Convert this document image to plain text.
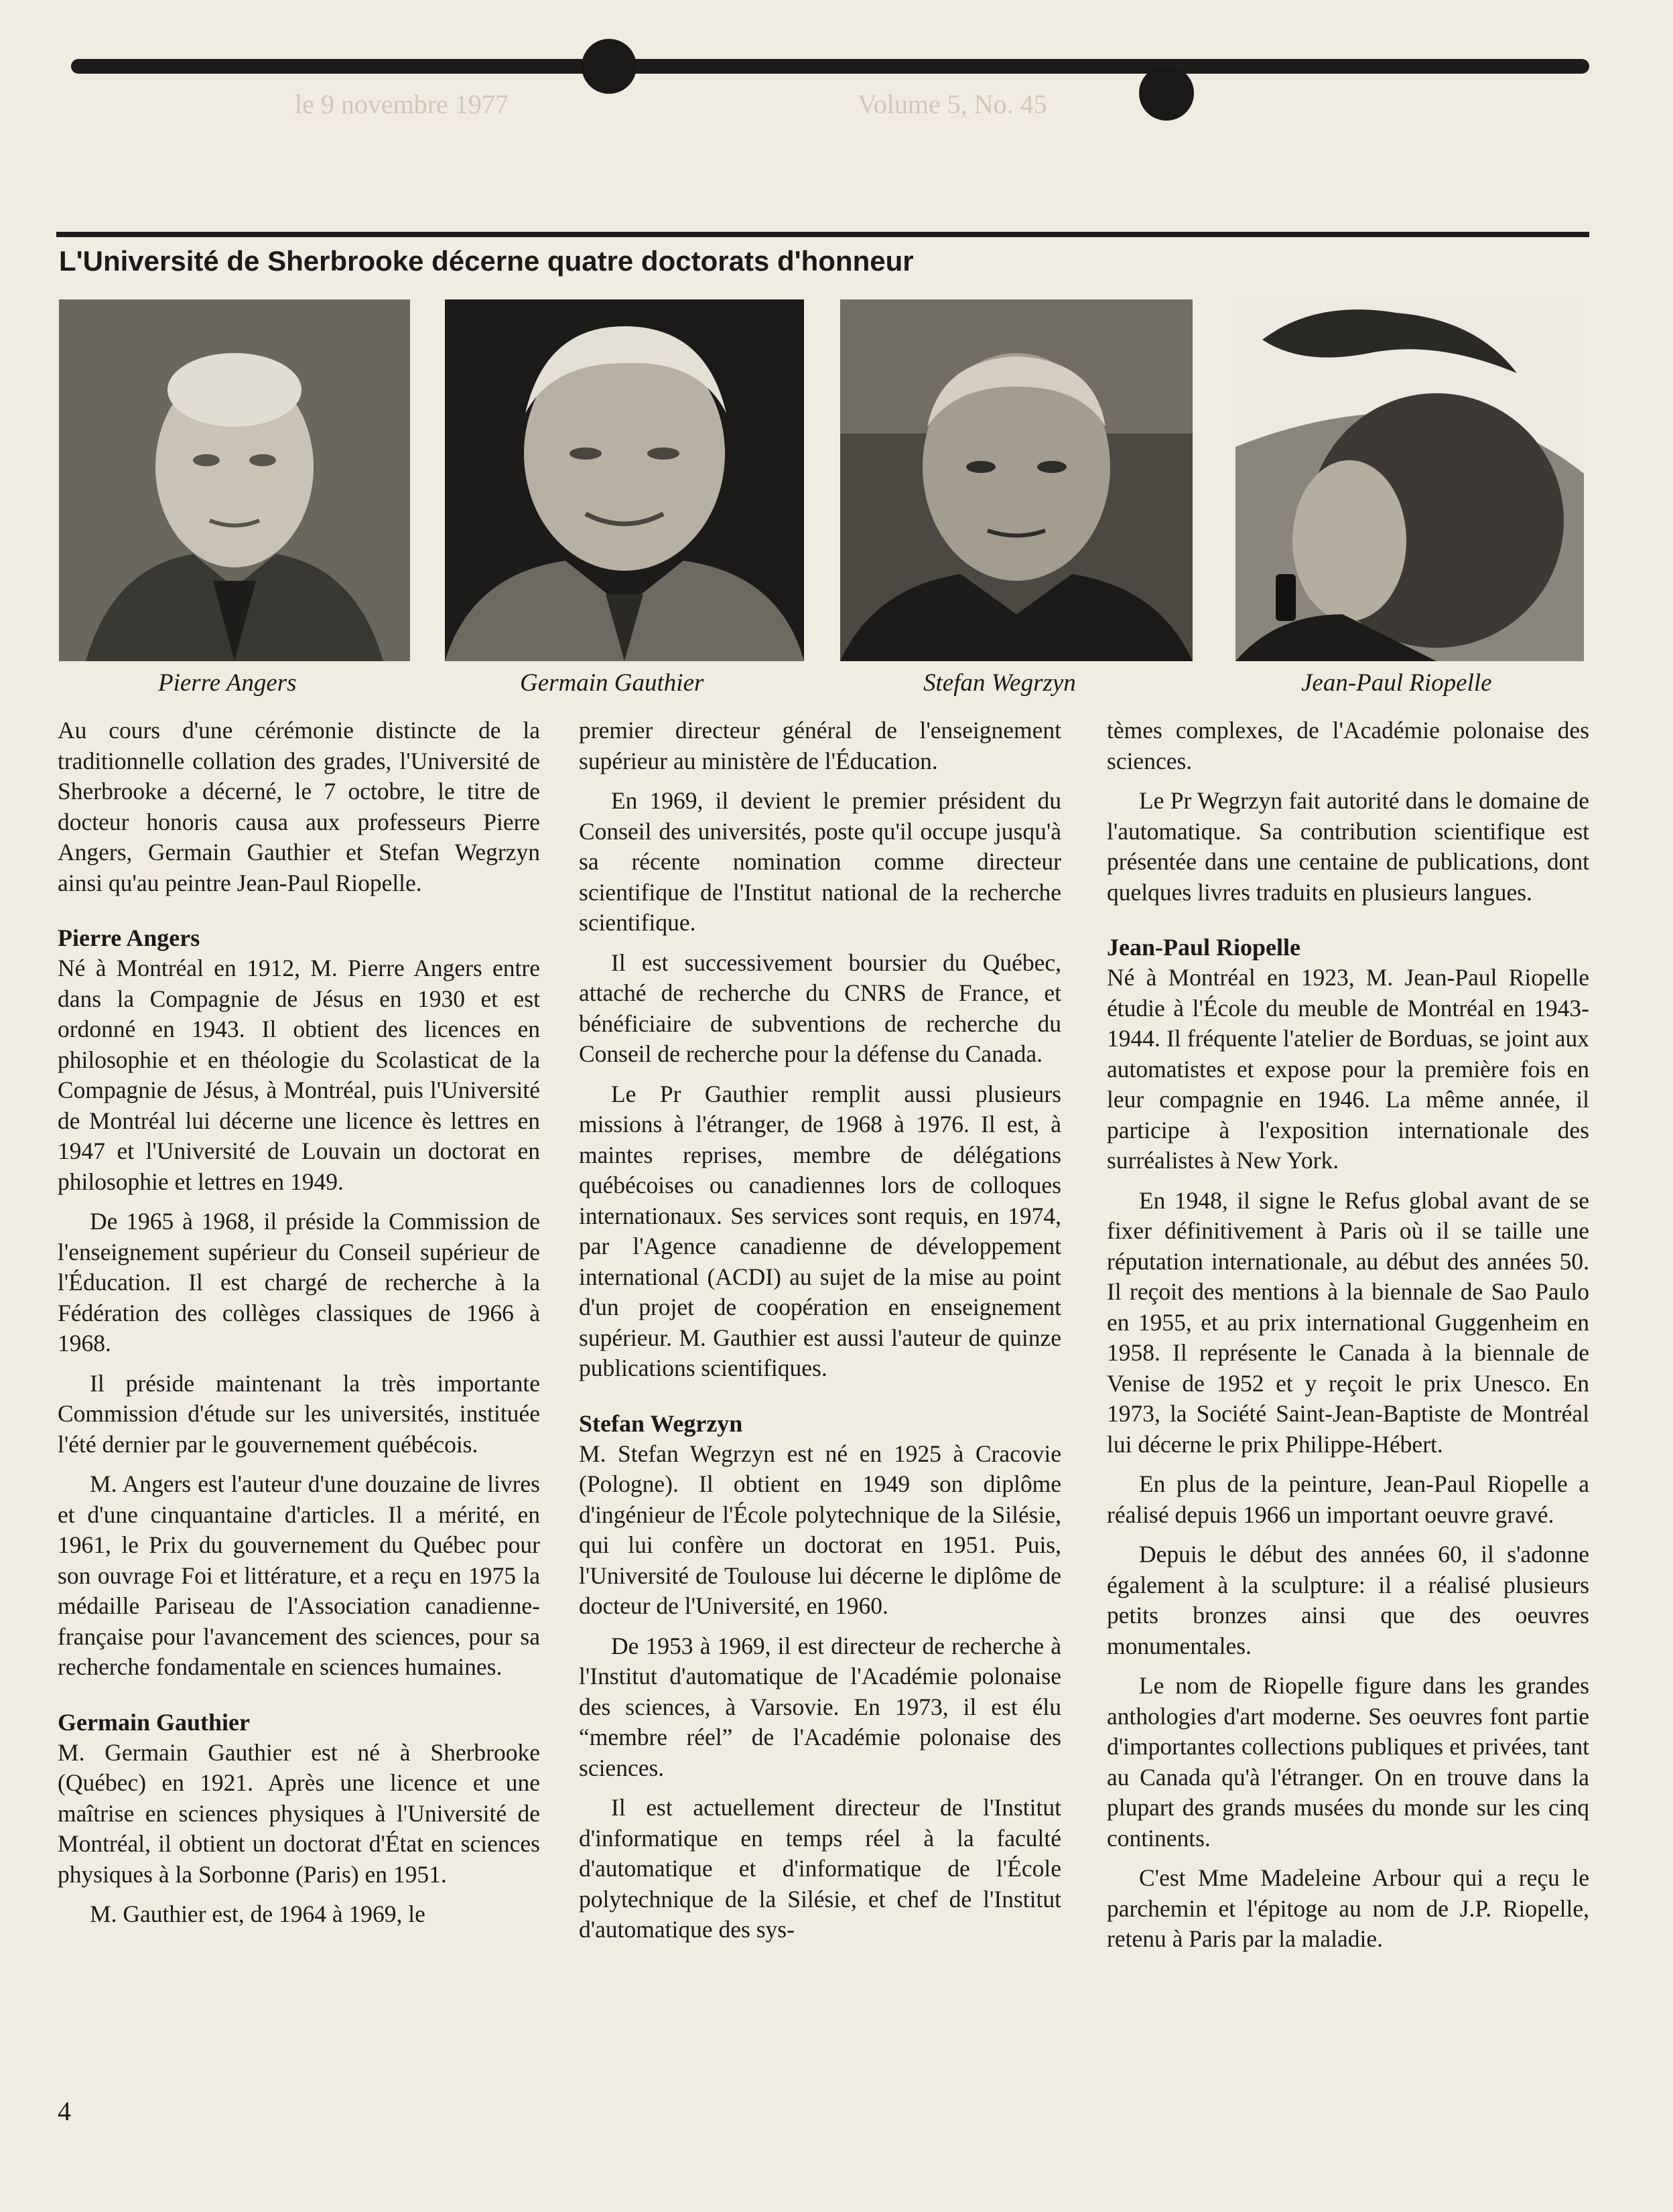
Volume 5, No. 45
le 9 novembre 1977
L'Université de Sherbrooke décerne quatre doctorats d'honneur
Pierre Angers	Germain Gauthier	Stefan Wegrzyn	Jean-Paul Riopelle

Au cours d'une cérémonie distincte de la traditionnelle collation des grades, l'Université de Sherbrooke a décerné, le 7 octobre, le titre de docteur honoris causa aux professeurs Pierre Angers, Germain Gauthier et Stefan Wegrzyn ainsi qu'au peintre Jean-Paul Riopelle.

Pierre Angers

Né à Montréal en 1912, M. Pierre Angers entre dans la Compagnie de Jésus en 1930 et est ordonné en 1943. Il obtient des licences en philosophie et en théologie du Scolasticat de la Compagnie de Jésus, à Montréal, puis l'Université de Montréal lui décerne une licence ès lettres en 1947 et l'Université de Louvain un doctorat en philosophie et lettres en 1949.

De 1965 à 1968, il préside la Commission de l'enseignement supérieur du Conseil supérieur de l'Éducation. Il est chargé de recherche à la Fédération des collèges classiques de 1966 à 1968.

Il préside maintenant la très importante Commission d'étude sur les universités, instituée l'été dernier par le gouvernement québécois.

M. Angers est l'auteur d'une douzaine de livres et d'une cinquantaine d'articles. Il a mérité, en 1961, le Prix du gouvernement du Québec pour son ouvrage Foi et littérature, et a reçu en 1975 la médaille Pariseau de l'Association canadienne-française pour l'avancement des sciences, pour sa recherche fondamentale en sciences humaines.

Germain Gauthier

M. Germain Gauthier est né à Sherbrooke (Québec) en 1921. Après une licence et une maîtrise en sciences physiques à l'Université de Montréal, il obtient un doctorat d'État en sciences physiques à la Sorbonne (Paris) en 1951.

M. Gauthier est, de 1964 à 1969, le

premier directeur général de l'enseignement supérieur au ministère de l'Éducation.

En 1969, il devient le premier président du Conseil des universités, poste qu'il occupe jusqu'à sa récente nomination comme directeur scientifique de l'Institut national de la recherche scientifique.

Il est successivement boursier du Québec, attaché de recherche du CNRS de France, et bénéficiaire de subventions de recherche du Conseil de recherche pour la défense du Canada.

Le Pr Gauthier remplit aussi plusieurs missions à l'étranger, de 1968 à 1976. Il est, à maintes reprises, membre de délégations québécoises ou canadiennes lors de colloques internationaux. Ses services sont requis, en 1974, par l'Agence canadienne de développement international (ACDI) au sujet de la mise au point d'un projet de coopération en enseignement supérieur. M. Gauthier est aussi l'auteur de quinze publications scientifiques.

Stefan Wegrzyn

M. Stefan Wegrzyn est né en 1925 à Cracovie (Pologne). Il obtient en 1949 son diplôme d'ingénieur de l'École polytechnique de la Silésie, qui lui confère un doctorat en 1951. Puis, l'Université de Toulouse lui décerne le diplôme de docteur de l'Université, en 1960.

De 1953 à 1969, il est directeur de recherche à l'Institut d'automatique de l'Académie polonaise des sciences, à Varsovie. En 1973, il est élu “membre réel” de l'Académie polonaise des sciences.

Il est actuellement directeur de l'Institut d'informatique en temps réel à la faculté d'automatique et d'informatique de l'École polytechnique de la Silésie, et chef de l'Institut d'automatique des sys-

tèmes complexes, de l'Académie polonaise des sciences.

Le Pr Wegrzyn fait autorité dans le domaine de l'automatique. Sa contribution scientifique est présentée dans une centaine de publications, dont quelques livres traduits en plusieurs langues.

Jean-Paul Riopelle

Né à Montréal en 1923, M. Jean-Paul Riopelle étudie à l'École du meuble de Montréal en 1943-1944. Il fréquente l'atelier de Borduas, se joint aux automatistes et expose pour la première fois en leur compagnie en 1946. La même année, il participe à l'exposition internationale des surréalistes à New York.

En 1948, il signe le Refus global avant de se fixer définitivement à Paris où il se taille une réputation internationale, au début des années 50. Il reçoit des mentions à la biennale de Sao Paulo en 1955, et au prix international Guggenheim en 1958. Il représente le Canada à la biennale de Venise de 1952 et y reçoit le prix Unesco. En 1973, la Société Saint-Jean-Baptiste de Montréal lui décerne le prix Philippe-Hébert.

En plus de la peinture, Jean-Paul Riopelle a réalisé depuis 1966 un important oeuvre gravé.

Depuis le début des années 60, il s'adonne également à la sculpture: il a réalisé plusieurs petits bronzes ainsi que des oeuvres monumentales.

Le nom de Riopelle figure dans les grandes anthologies d'art moderne. Ses oeuvres font partie d'importantes collections publiques et privées, tant au Canada qu'à l'étranger. On en trouve dans la plupart des grands musées du monde sur les cinq continents.

C'est Mme Madeleine Arbour qui a reçu le parchemin et l'épitoge au nom de J.P. Riopelle, retenu à Paris par la maladie.

4
